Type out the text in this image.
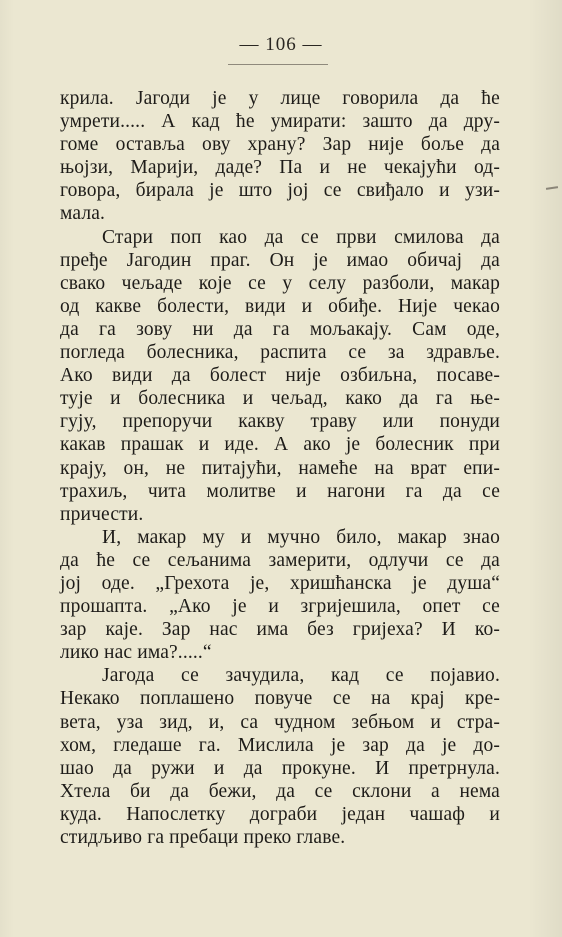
— 106 —
крила. Јагоди је у лице говорила да ће
умрети..... А кад ће умирати: зашто да дру-
гоме оставља ову храну? Зар није боље да
њојзи, Марији, даде? Па и не чекајући од-
говора, бирала је што јој се свиђало и узи-
мала.
Стари поп као да се први смилова да
пређе Јагодин праг. Он је имао обичај да
свако чељаде које се у селу разболи, макар
од какве болести, види и обиђе. Није чекао
да га зову ни да га мољакају. Сам оде,
погледа болесника, распита се за здравље.
Ако види да болест није озбиљна, посаве-
тује и болесника и чељад, како да га ње-
гују, препоручи какву траву или понуди
какав прашак и иде. А ако је болесник при
крају, он, не питајући, намеће на врат епи-
трахиљ, чита молитве и нагони га да се
причести.
И, макар му и мучно било, макар знао
да ће се сељанима замерити, одлучи се да
јој оде. „Грехота је, хришћанска је душа“
прошапта. „Ако је и згријешила, опет се
зар каје. Зар нас има без гријеха? И ко-
лико нас има?.....“
Јагода се зачудила, кад се појавио.
Некако поплашено повуче се на крај кре-
вета, уза зид, и, са чудном зебњом и стра-
хом, гледаше га. Мислила је зар да је до-
шао да ружи и да прокуне. И претрнула.
Хтела би да бежи, да се склони а нема
куда. Напослетку дограби један чашаф и
стидљиво га пребаци преко главе.
